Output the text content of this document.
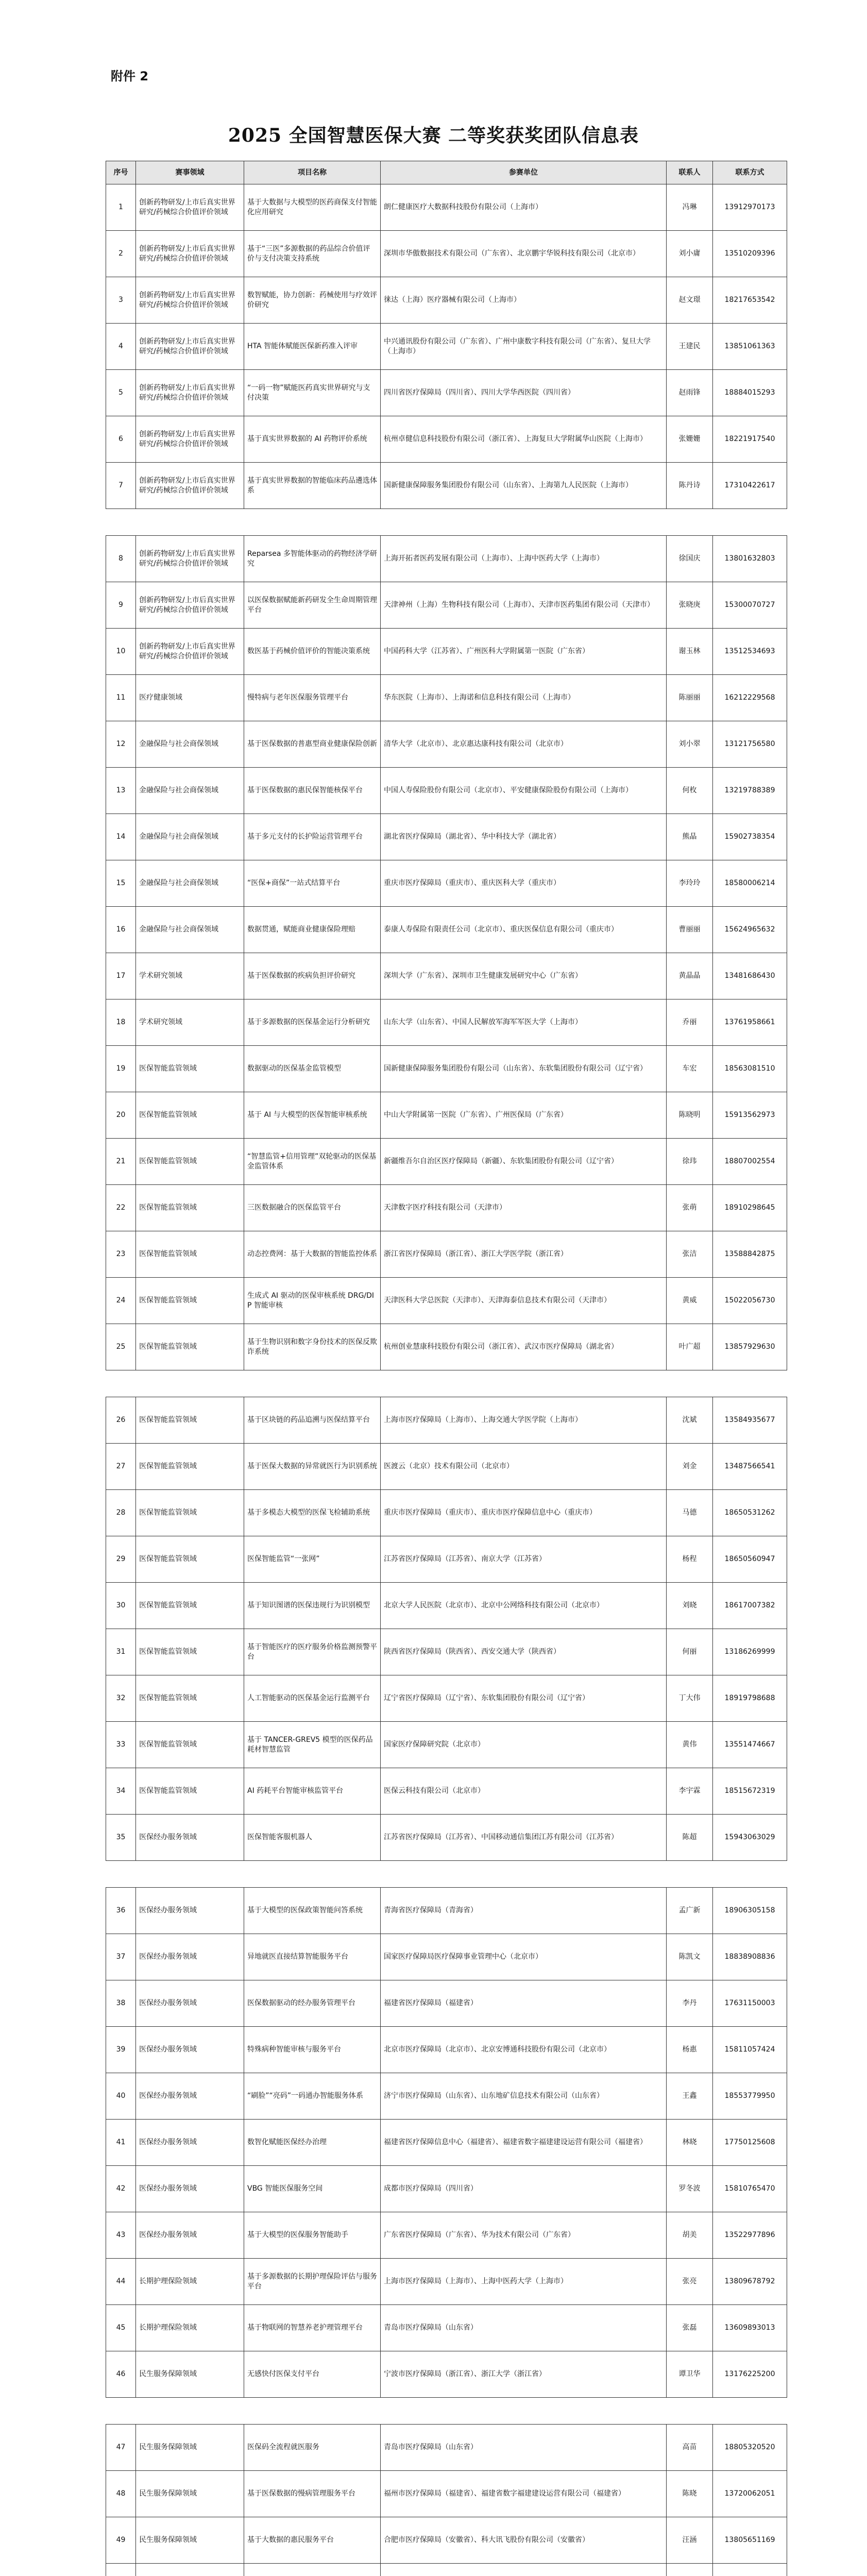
附件 2
2025 全国智慧医保大赛 二等奖获奖团队信息表
序号	赛事领域	项目名称	参赛单位	联系人	联系方式
1	创新药物研发/上市后真实世界研究/药械综合价值评价领域	基于大数据与大模型的医药商保支付智能化应用研究	朗仁健康医疗大数据科技股份有限公司（上海市）	冯琳	13912970173
2	创新药物研发/上市后真实世界研究/药械综合价值评价领域	基于“三医”多源数据的药品综合价值评价与支付决策支持系统	深圳市华傲数据技术有限公司（广东省）、北京鹏宇华锐科技有限公司（北京市）	刘小庸	13510209396
3	创新药物研发/上市后真实世界研究/药械综合价值评价领域	数智赋能，协力创新：药械使用与疗效评价研究	徕达（上海）医疗器械有限公司（上海市）	赵文璟	18217653542
4	创新药物研发/上市后真实世界研究/药械综合价值评价领域	HTA 智能体赋能医保新药准入评审	中兴通讯股份有限公司（广东省）、广州中康数字科技有限公司（广东省）、复旦大学（上海市）	王建民	13851061363
5	创新药物研发/上市后真实世界研究/药械综合价值评价领域	“一码一物”赋能医药真实世界研究与支付决策	四川省医疗保障局（四川省）、四川大学华西医院（四川省）	赵雨锋	18884015293
6	创新药物研发/上市后真实世界研究/药械综合价值评价领域	基于真实世界数据的 AI 药物评价系统	杭州卓健信息科技股份有限公司（浙江省）、上海复旦大学附属华山医院（上海市）	张姗姗	18221917540
7	创新药物研发/上市后真实世界研究/药械综合价值评价领域	基于真实世界数据的智能临床药品遴选体系	国新健康保障服务集团股份有限公司（山东省）、上海第九人民医院（上海市）	陈丹诗	17310422617

8	创新药物研发/上市后真实世界研究/药械综合价值评价领域	Reparsea 多智能体驱动的药物经济学研究	上海开拓者医药发展有限公司（上海市）、上海中医药大学（上海市）	徐国庆	13801632803
9	创新药物研发/上市后真实世界研究/药械综合价值评价领域	以医保数据赋能新药研发全生命周期管理平台	天津神州（上海）生物科技有限公司（上海市）、天津市医药集团有限公司（天津市）	张晓庚	15300070727
10	创新药物研发/上市后真实世界研究/药械综合价值评价领域	数医基于药械价值评价的智能决策系统	中国药科大学（江苏省）、广州医科大学附属第一医院（广东省）	谢玉林	13512534693
11	医疗健康领域	慢特病与老年医保服务管理平台	华东医院（上海市）、上海诺和信息科技有限公司（上海市）	陈丽丽	16212229568
12	金融保险与社会商保领域	基于医保数据的普惠型商业健康保险创新	清华大学（北京市）、北京惠达康科技有限公司（北京市）	刘小翠	13121756580
13	金融保险与社会商保领域	基于医保数据的惠民保智能核保平台	中国人寿保险股份有限公司（北京市）、平安健康保险股份有限公司（上海市）	何枚	13219788389
14	金融保险与社会商保领域	基于多元支付的长护险运营管理平台	湖北省医疗保障局（湖北省）、华中科技大学（湖北省）	熊晶	15902738354
15	金融保险与社会商保领域	“医保+商保”一站式结算平台	重庆市医疗保障局（重庆市）、重庆医科大学（重庆市）	李玲玲	18580006214
16	金融保险与社会商保领域	数据贯通，赋能商业健康保险理赔	泰康人寿保险有限责任公司（北京市）、重庆医保信息有限公司（重庆市）	曹丽丽	15624965632
17	学术研究领域	基于医保数据的疾病负担评价研究	深圳大学（广东省）、深圳市卫生健康发展研究中心（广东省）	黄晶晶	13481686430
18	学术研究领域	基于多源数据的医保基金运行分析研究	山东大学（山东省）、中国人民解放军海军军医大学（上海市）	乔丽	13761958661
19	医保智能监管领域	数据驱动的医保基金监管模型	国新健康保障服务集团股份有限公司（山东省）、东软集团股份有限公司（辽宁省）	车宏	18563081510
20	医保智能监管领域	基于 AI 与大模型的医保智能审核系统	中山大学附属第一医院（广东省）、广州医保局（广东省）	陈晓明	15913562973
21	医保智能监管领域	“智慧监管+信用管理”双轮驱动的医保基金监管体系	新疆维吾尔自治区医疗保障局（新疆）、东软集团股份有限公司（辽宁省）	徐玮	18807002554
22	医保智能监管领域	三医数据融合的医保监管平台	天津数字医疗科技有限公司（天津市）	张萌	18910298645
23	医保智能监管领域	动态控费网：基于大数据的智能监控体系	浙江省医疗保障局（浙江省）、浙江大学医学院（浙江省）	张洁	13588842875
24	医保智能监管领域	生成式 AI 驱动的医保审核系统 DRG/DIP 智能审核	天津医科大学总医院（天津市）、天津海泰信息技术有限公司（天津市）	黄威	15022056730
25	医保智能监管领域	基于生物识别和数字身份技术的医保反欺诈系统	杭州创业慧康科技股份有限公司（浙江省）、武汉市医疗保障局（湖北省）	叶广超	13857929630

26	医保智能监管领域	基于区块链的药品追溯与医保结算平台	上海市医疗保障局（上海市）、上海交通大学医学院（上海市）	沈斌	13584935677
27	医保智能监管领域	基于医保大数据的异常就医行为识别系统	医渡云（北京）技术有限公司（北京市）	刘金	13487566541
28	医保智能监管领域	基于多模态大模型的医保飞检辅助系统	重庆市医疗保障局（重庆市）、重庆市医疗保障信息中心（重庆市）	马德	18650531262
29	医保智能监管领域	医保智能监管“一张网”	江苏省医疗保障局（江苏省）、南京大学（江苏省）	杨程	18650560947
30	医保智能监管领域	基于知识图谱的医保违规行为识别模型	北京大学人民医院（北京市）、北京中公网络科技有限公司（北京市）	刘晓	18617007382
31	医保智能监管领域	基于智能医疗的医疗服务价格监测预警平台	陕西省医疗保障局（陕西省）、西安交通大学（陕西省）	何丽	13186269999
32	医保智能监管领域	人工智能驱动的医保基金运行监测平台	辽宁省医疗保障局（辽宁省）、东软集团股份有限公司（辽宁省）	丁大伟	18919798688
33	医保智能监管领域	基于 TANCER-GREV5 模型的医保药品耗材智慧监管	国家医疗保障研究院（北京市）	黄伟	13551474667
34	医保智能监管领域	AI 药耗平台智能审核监管平台	医保云科技有限公司（北京市）	李宇霖	18515672319
35	医保经办服务领域	医保智能客服机器人	江苏省医疗保障局（江苏省）、中国移动通信集团江苏有限公司（江苏省）	陈超	15943063029

36	医保经办服务领域	基于大模型的医保政策智能问答系统	青海省医疗保障局（青海省）	孟广新	18906305158
37	医保经办服务领域	异地就医直接结算智能服务平台	国家医疗保障局医疗保障事业管理中心（北京市）	陈凯文	18838908836
38	医保经办服务领域	医保数据驱动的经办服务管理平台	福建省医疗保障局（福建省）	李丹	17631150003
39	医保经办服务领域	特殊病种智能审核与服务平台	北京市医疗保障局（北京市）、北京安博通科技股份有限公司（北京市）	杨惠	15811057424
40	医保经办服务领域	“刷脸”“亮码”一码通办智能服务体系	济宁市医疗保障局（山东省）、山东地矿信息技术有限公司（山东省）	王鑫	18553779950
41	医保经办服务领域	数智化赋能医保经办治理	福建省医疗保障信息中心（福建省）、福建省数字福建建设运营有限公司（福建省）	林晓	17750125608
42	医保经办服务领域	VBG 智能医保服务空间	成都市医疗保障局（四川省）	罗冬波	15810765470
43	医保经办服务领域	基于大模型的医保服务智能助手	广东省医疗保障局（广东省）、华为技术有限公司（广东省）	胡美	13522977896
44	长期护理保险领域	基于多源数据的长期护理保险评估与服务平台	上海市医疗保障局（上海市）、上海中医药大学（上海市）	张亮	13809678792
45	长期护理保险领域	基于物联网的智慧养老护理管理平台	青岛市医疗保障局（山东省）	张磊	13609893013
46	民生服务保障领域	无感快付医保支付平台	宁波市医疗保障局（浙江省）、浙江大学（浙江省）	谭卫华	13176225200

47	民生服务保障领域	医保码全流程就医服务	青岛市医疗保障局（山东省）	高苗	18805320520
48	民生服务保障领域	基于医保数据的慢病管理服务平台	福州市医疗保障局（福建省）、福建省数字福建建设运营有限公司（福建省）	陈晓	13720062051
49	民生服务保障领域	基于大数据的惠民服务平台	合肥市医疗保障局（安徽省）、科大讯飞股份有限公司（安徽省）	汪涵	13805651169
